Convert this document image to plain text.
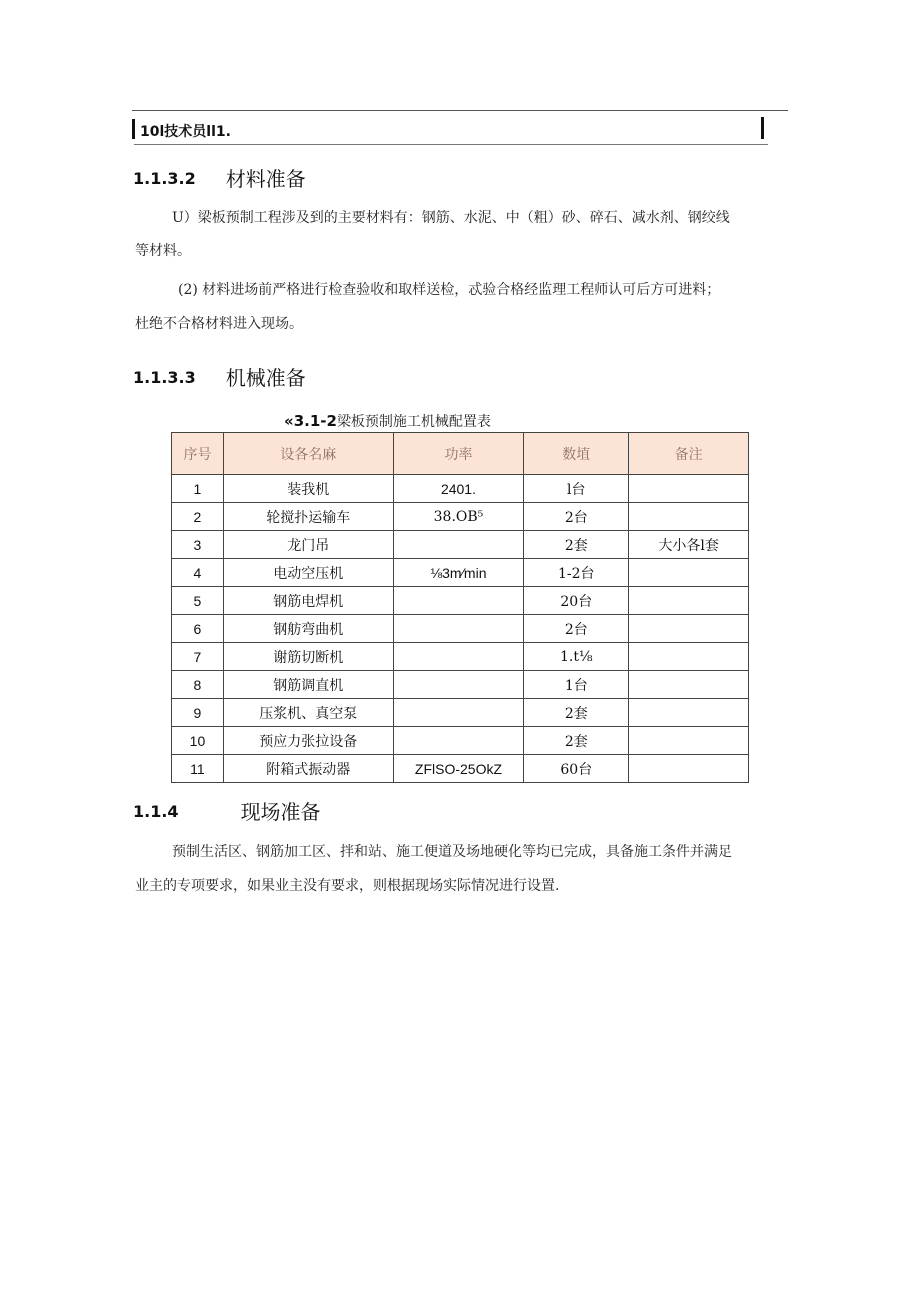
10l技术员ll1.
1.1.3.2 材料准备
U）梁板预制工程涉及到的主要材料有：钢筋、水泥、中（粗）砂、碎石、减水剂、钢绞线
等材料。
(2) 材料进场前严格进行检查验收和取样送检，忒验合格经监理工程师认可后方可进料；
杜绝不合格材料进入现场。
1.1.3.3 机械准备
«3.1-2梁板预制施工机械配置表
序号	设各名麻	功率	数埴	备注
1	装我机	2401.	l台	
2	轮搅扑运输车	38.OB⁵	2台	
3	龙门吊		2套	大小各l套
4	电动空压机	⅛3m∕min	1-2台	
5	钢筋电焊机		20台	
6	钢舫弯曲机		2台	
7	谢筋切断机		1.t⅛	
8	钢筋调直机		1台	
9	压浆机、真空泵		2套	
10	预应力张拉设备		2套	
11	附箱式振动器	ZFlSO-25OkZ	60台	
1.1.4	现场准备
预制生活区、钢筋加工区、拌和站、施工便道及场地硬化等均已完成，具备施工条件并满足
业主的专项要求，如果业主没有要求，则根据现场实际情况进行设置.
